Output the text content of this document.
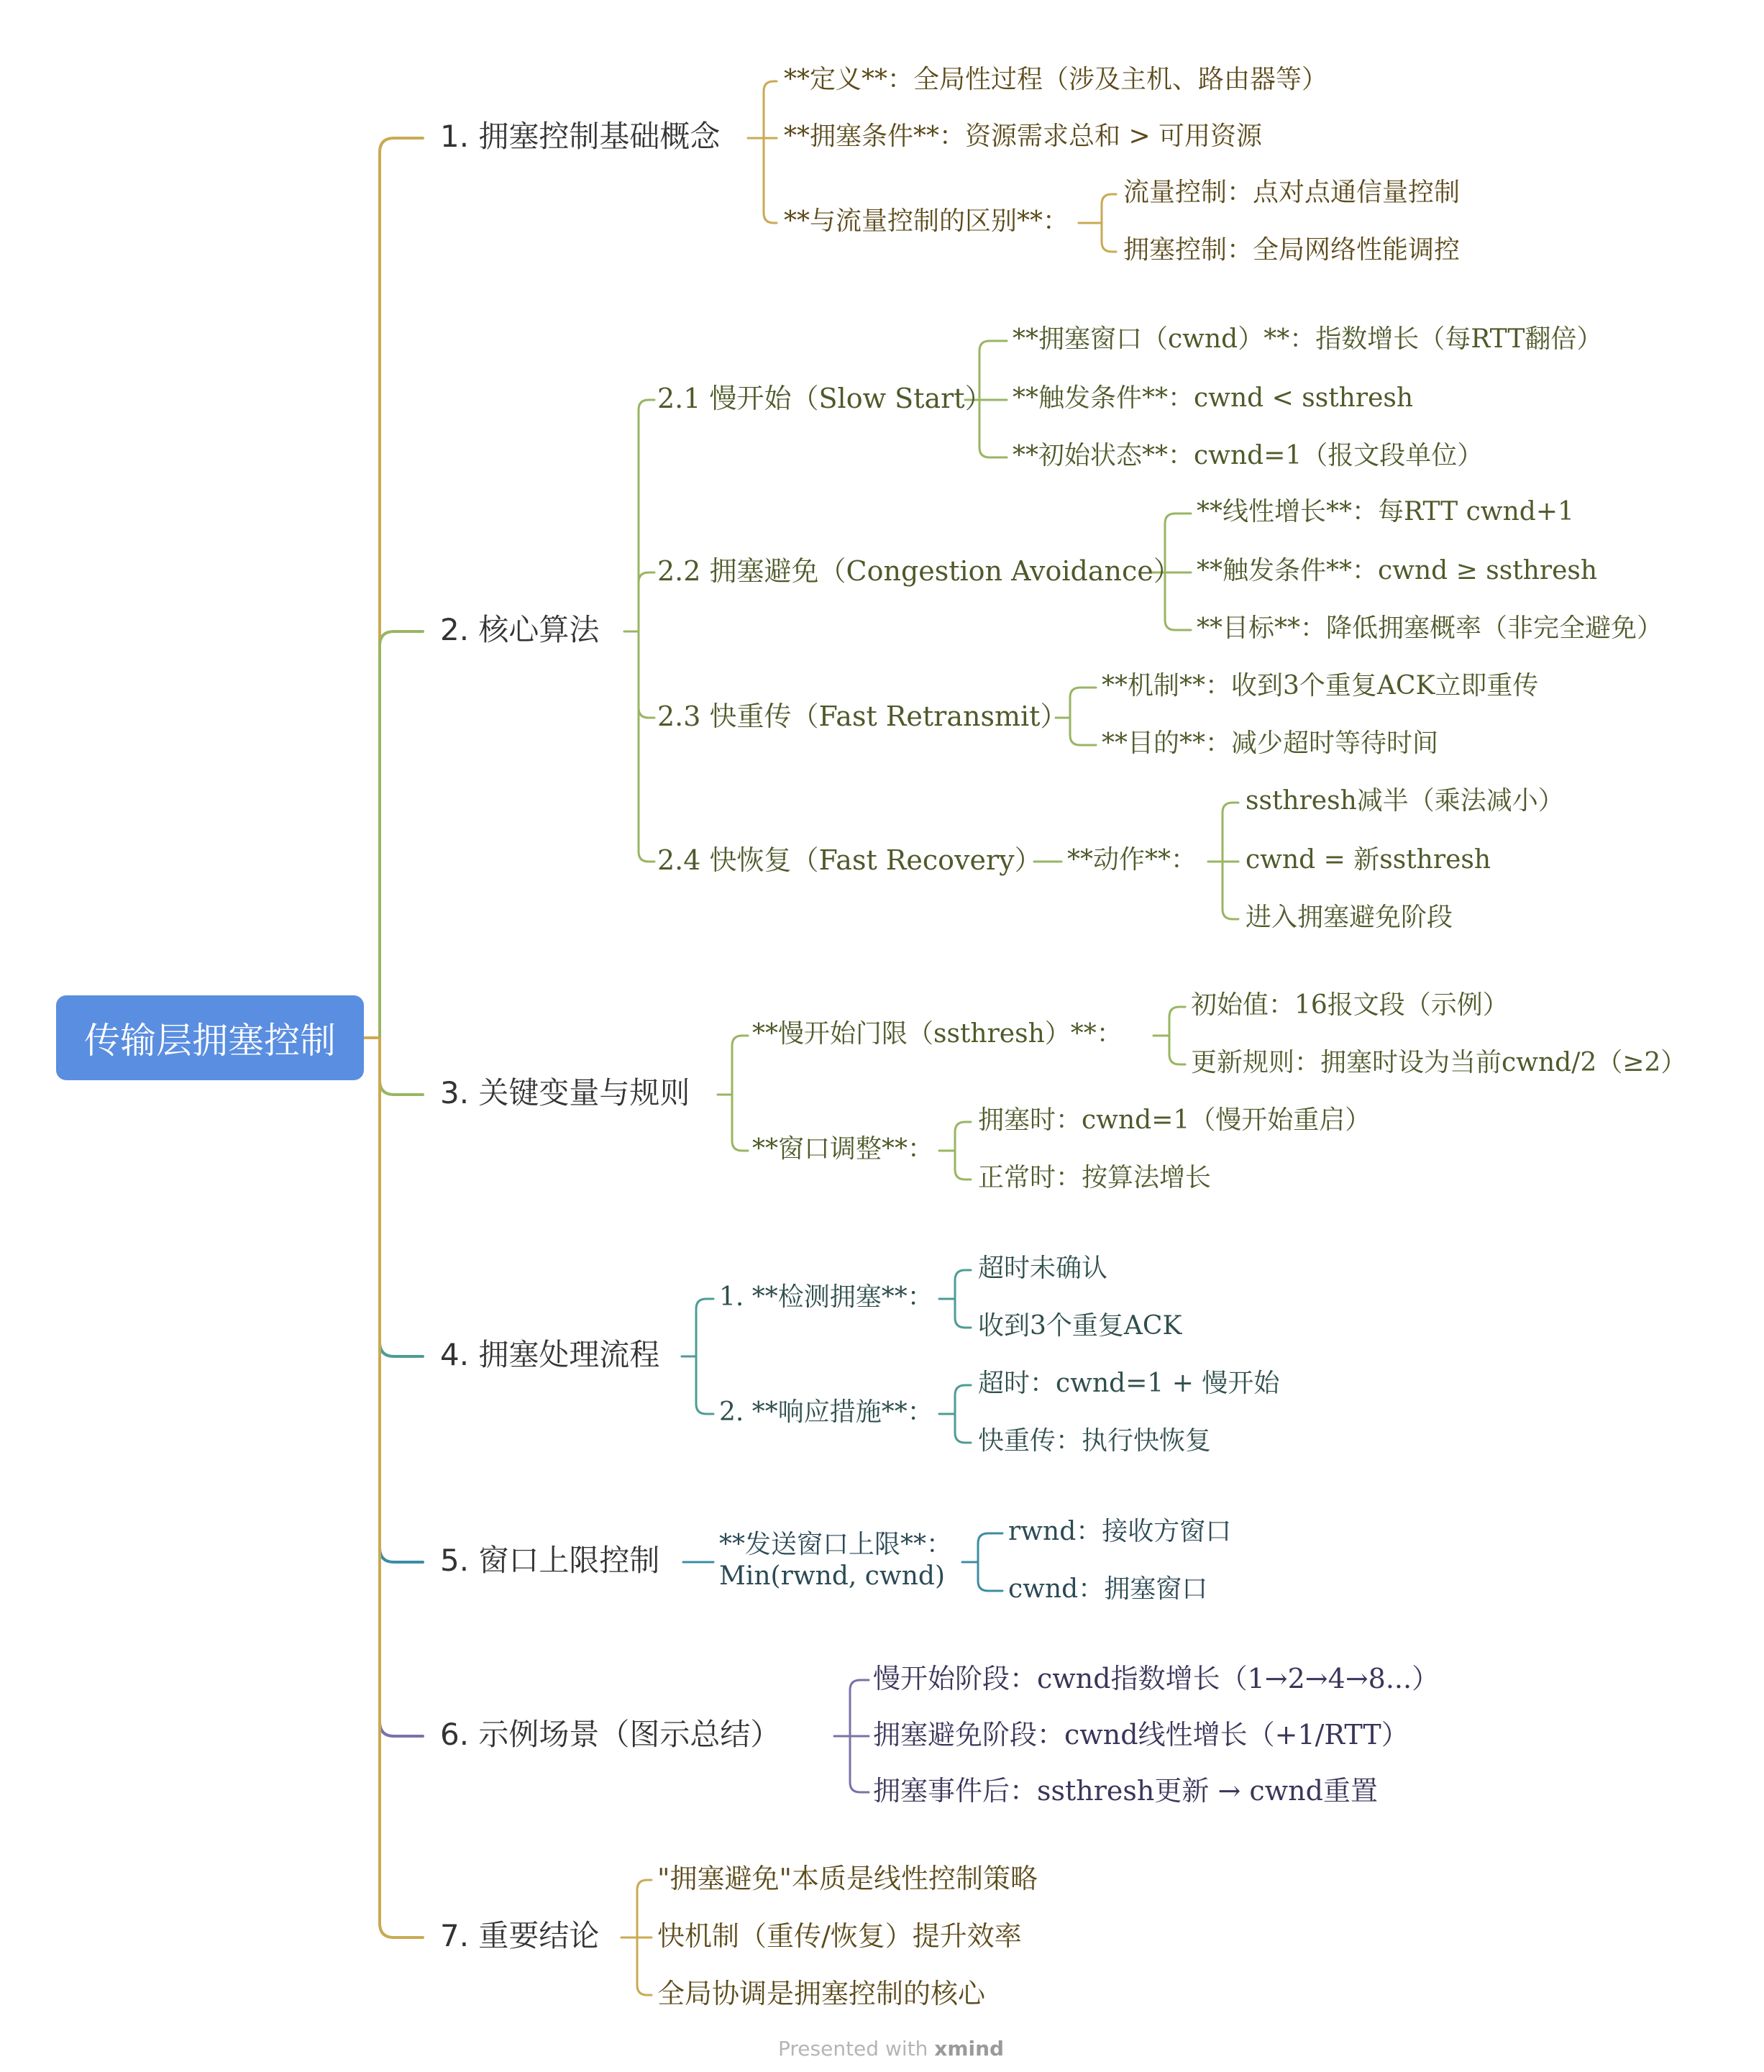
传输层拥塞控制
1. 拥塞控制基础概念
2. 核心算法
3. 关键变量与规则
4. 拥塞处理流程
5. 窗口上限控制
6. 示例场景（图示总结）
7. 重要结论
**定义**：全局性过程（涉及主机、路由器等）
**拥塞条件**：资源需求总和 > 可用资源
**与流量控制的区别**：
流量控制：点对点通信量控制
拥塞控制：全局网络性能调控
2.1 慢开始（Slow Start）
2.2 拥塞避免（Congestion Avoidance）
2.3 快重传（Fast Retransmit）
2.4 快恢复（Fast Recovery）
**拥塞窗口（cwnd）**：指数增长（每RTT翻倍）
**触发条件**：cwnd < ssthresh
**初始状态**：cwnd=1（报文段单位）
**线性增长**：每RTT cwnd+1
**触发条件**：cwnd ≥ ssthresh
**目标**：降低拥塞概率（非完全避免）
**机制**：收到3个重复ACK立即重传
**目的**：减少超时等待时间
**动作**：
ssthresh减半（乘法减小）
cwnd = 新ssthresh
进入拥塞避免阶段
**慢开始门限（ssthresh）**：
**窗口调整**：
初始值：16报文段（示例）
更新规则：拥塞时设为当前cwnd/2（≥2）
拥塞时：cwnd=1（慢开始重启）
正常时：按算法增长
1. **检测拥塞**：
2. **响应措施**：
超时未确认
收到3个重复ACK
超时：cwnd=1 + 慢开始
快重传：执行快恢复
**发送窗口上限**：
Min(rwnd, cwnd)
rwnd：接收方窗口
cwnd：拥塞窗口
慢开始阶段：cwnd指数增长（1→2→4→8...）
拥塞避免阶段：cwnd线性增长（+1/RTT）
拥塞事件后：ssthresh更新 → cwnd重置
"拥塞避免"本质是线性控制策略
快机制（重传/恢复）提升效率
全局协调是拥塞控制的核心
Presented with xmind
